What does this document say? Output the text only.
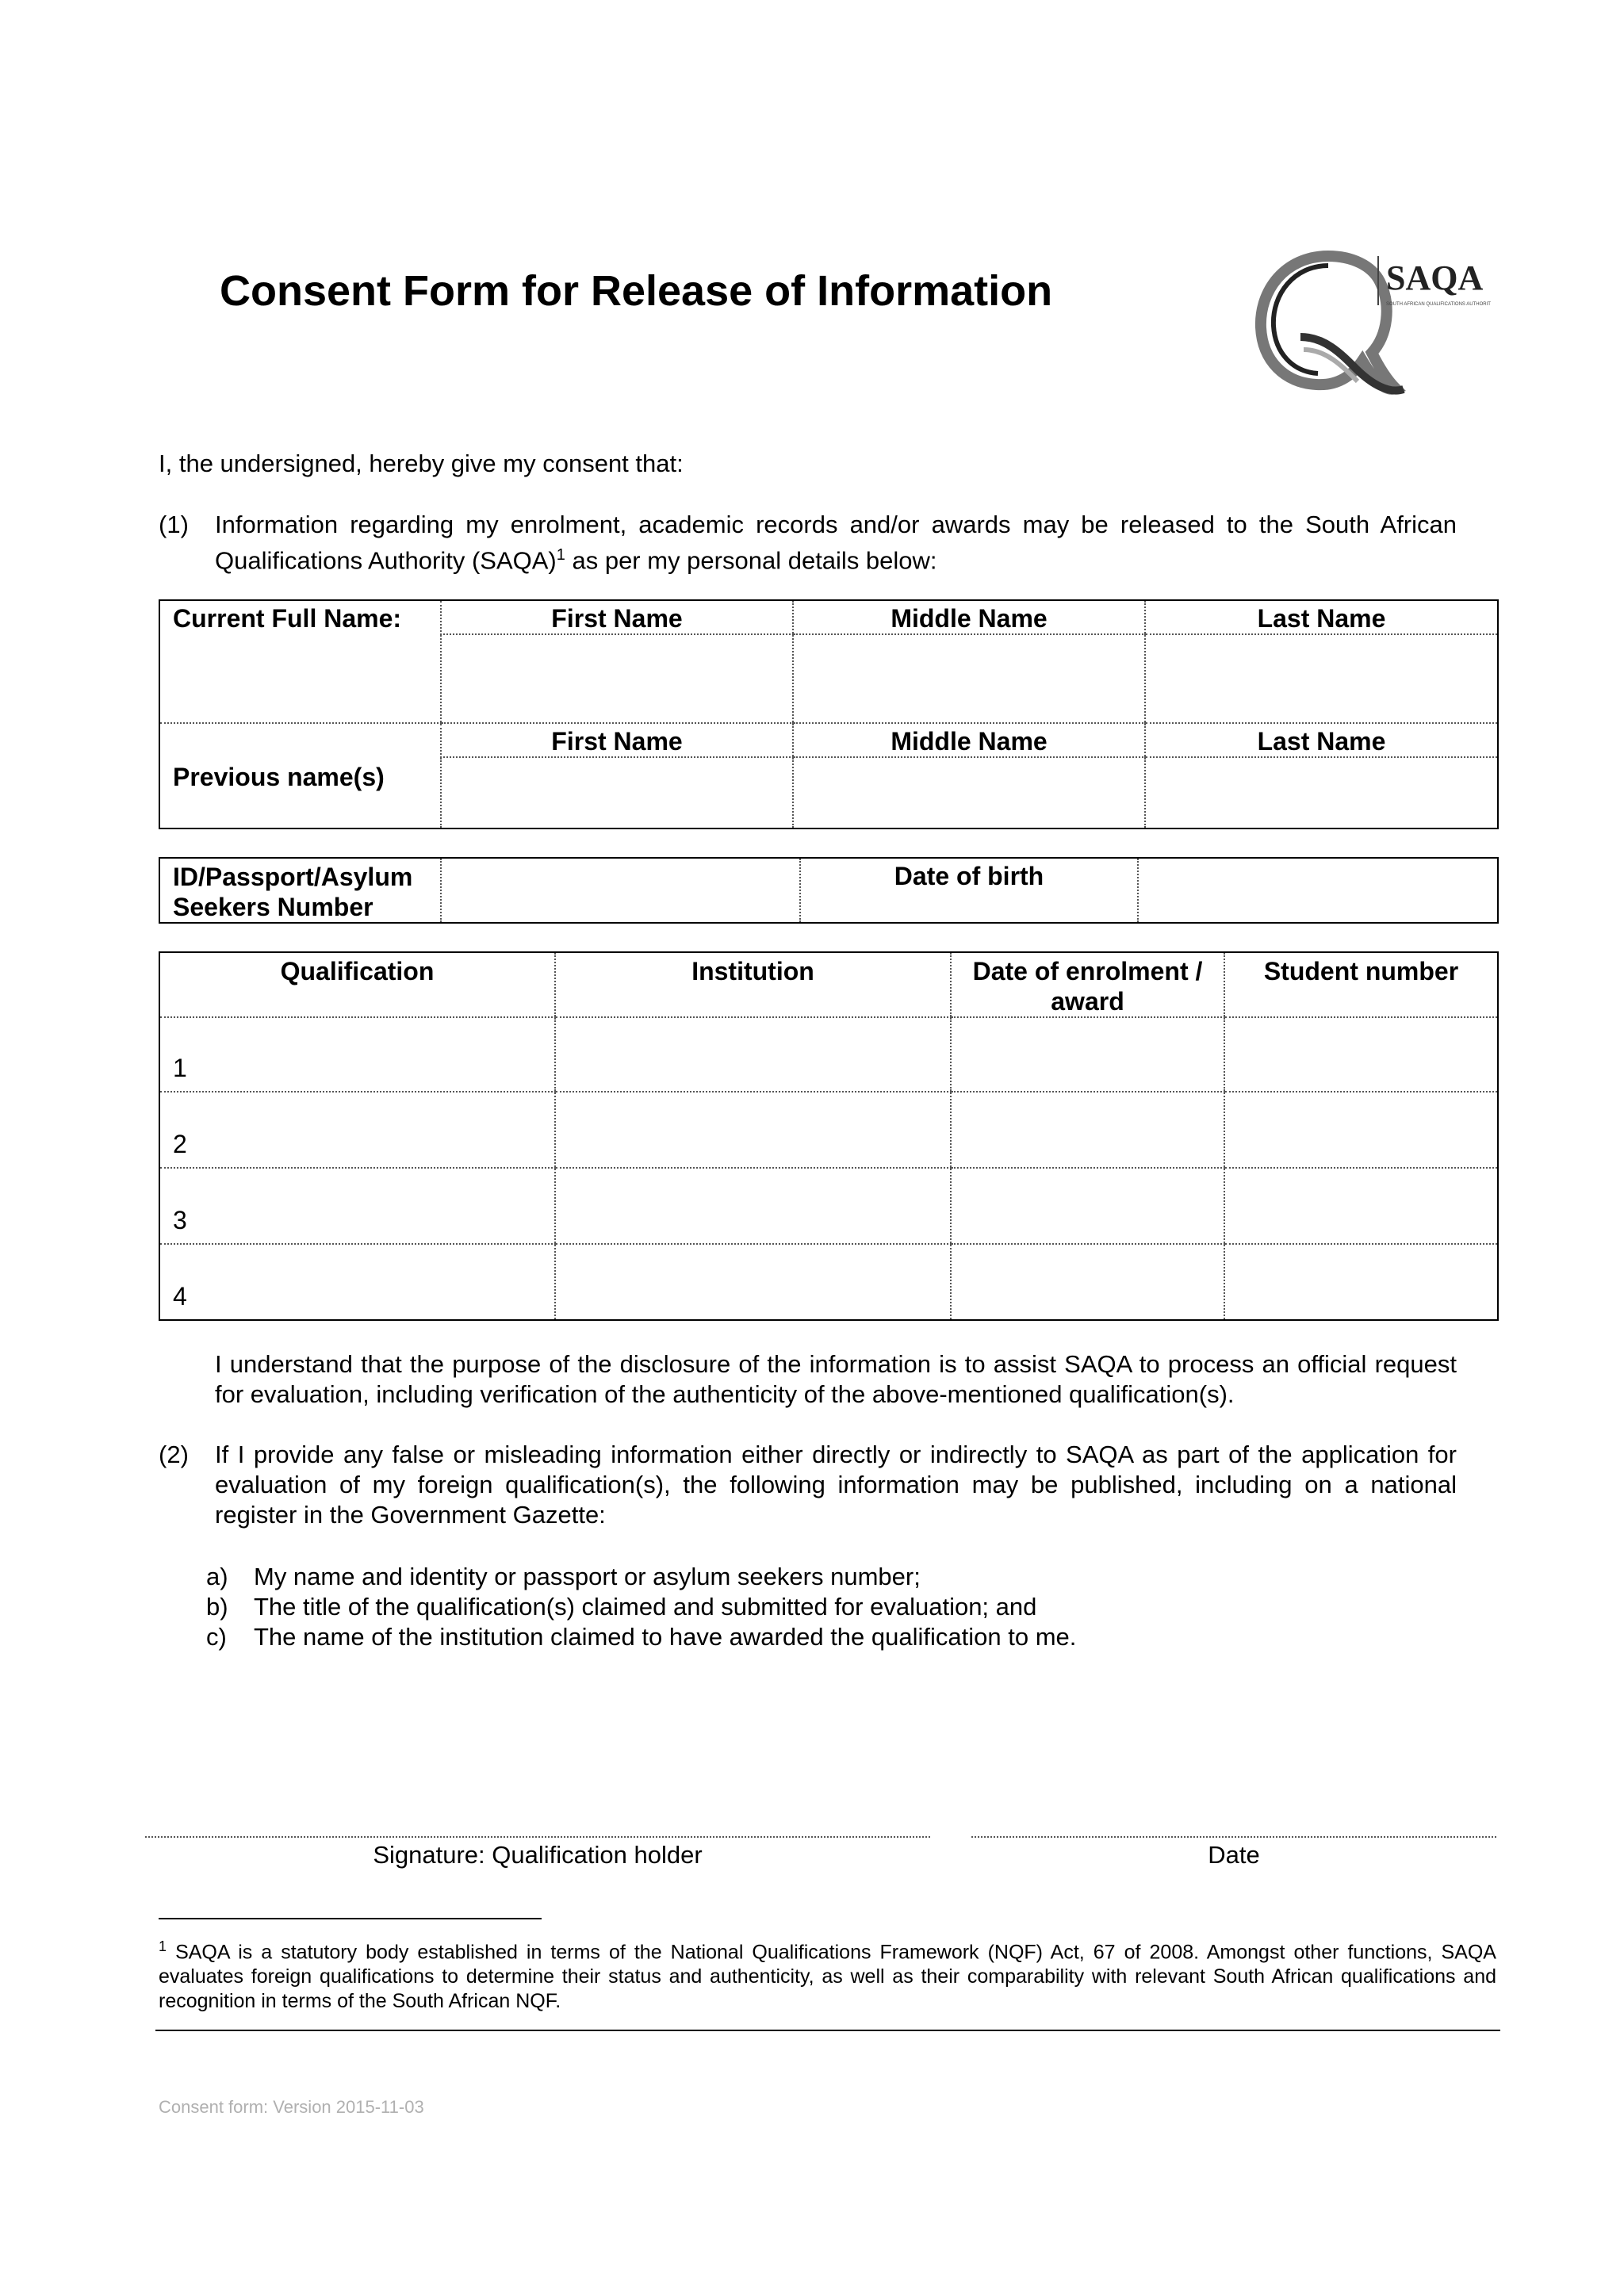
Consent Form for Release of Information	SAQA
SOUTH AFRICAN QUALIFICATIONS AUTHORITY
I, the undersigned, hereby give my consent that:
(1) Information regarding my enrolment, academic records and/or awards may be released to the South African Qualifications Authority (SAQA)$^1$ as per my personal details below:
Current Full Name:	First Name	Middle Name	Last Name

Previous name(s)	First Name	Middle Name	Last Name

ID/Passport/Asylum Seekers Number		Date of birth	
Qualification	Institution	Date of enrolment / award	Student number
1			
2			
3			
4			
I understand that the purpose of the disclosure of the information is to assist SAQA to process an official request for evaluation, including verification of the authenticity of the above-mentioned qualification(s).
(2) If I provide any false or misleading information either directly or indirectly to SAQA as part of the application for evaluation of my foreign qualification(s), the following information may be published, including on a national register in the Government Gazette:
a) My name and identity or passport or asylum seekers number;
b) The title of the qualification(s) claimed and submitted for evaluation; and
c) The name of the institution claimed to have awarded the qualification to me.
Signature: Qualification holder	Date
$^1$ SAQA is a statutory body established in terms of the National Qualifications Framework (NQF) Act, 67 of 2008. Amongst other functions, SAQA evaluates foreign qualifications to determine their status and authenticity, as well as their comparability with relevant South African qualifications and recognition in terms of the South African NQF.
Consent form: Version 2015-11-03
